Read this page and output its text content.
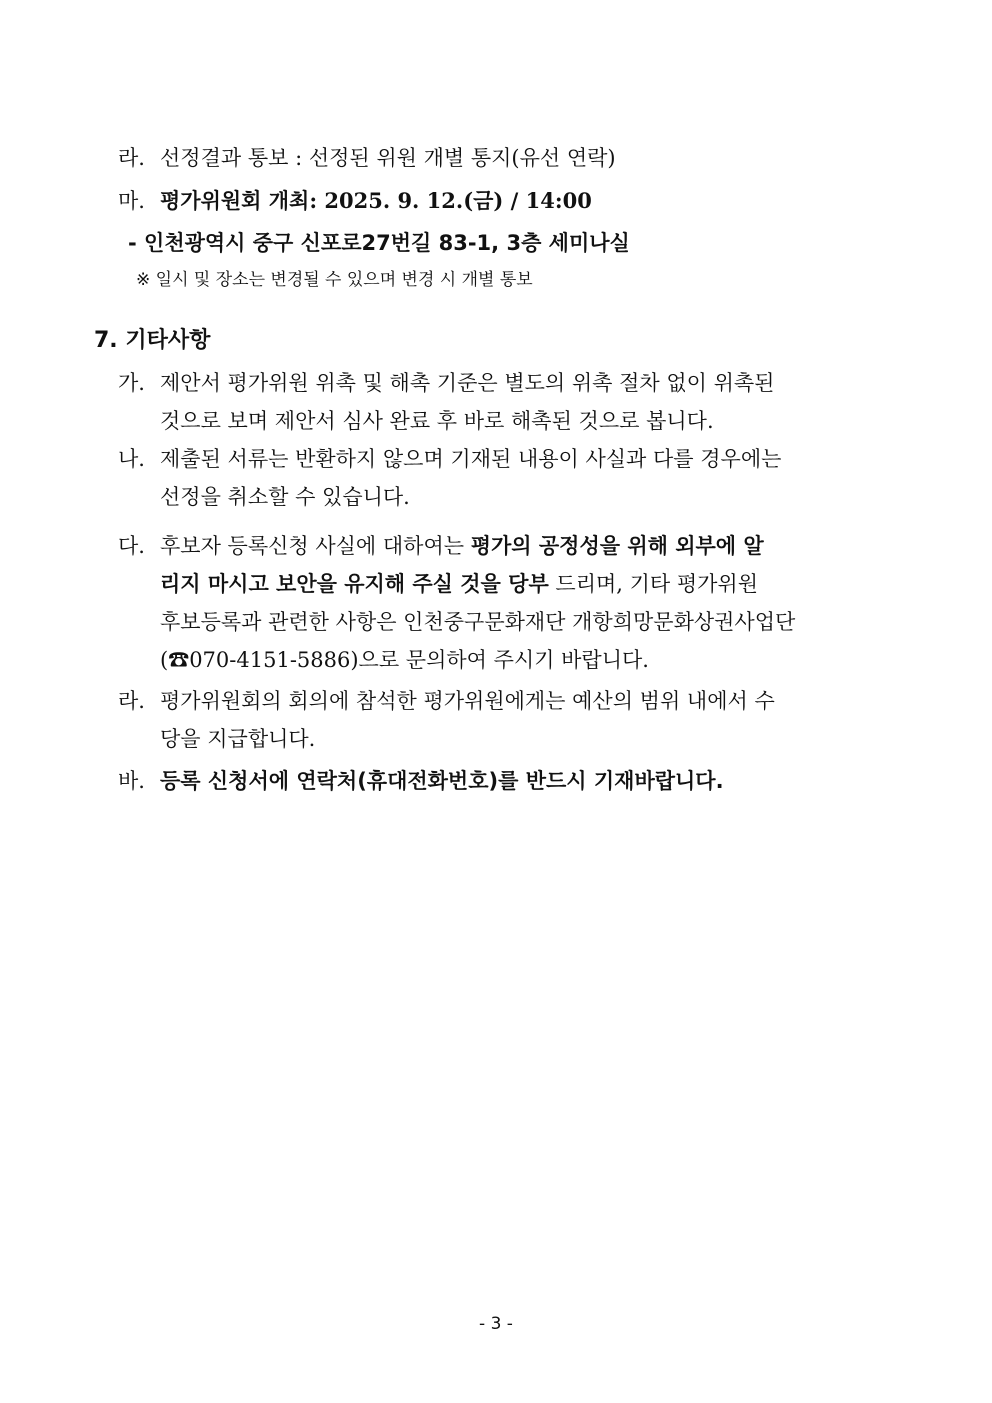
라. 선정결과 통보 : 선정된 위원 개별 통지(유선 연락)
마. 평가위원회 개최: 2025. 9. 12.(금) / 14:00
- 인천광역시 중구 신포로27번길 83-1, 3층 세미나실
※ 일시 및 장소는 변경될 수 있으며 변경 시 개별 통보
7. 기타사항
가. 제안서 평가위원 위촉 및 해촉 기준은 별도의 위촉 절차 없이 위촉된
것으로 보며 제안서 심사 완료 후 바로 해촉된 것으로 봅니다.
나. 제출된 서류는 반환하지 않으며 기재된 내용이 사실과 다를 경우에는
선정을 취소할 수 있습니다.
다. 후보자 등록신청 사실에 대하여는 평가의 공정성을 위해 외부에 알
리지 마시고 보안을 유지해 주실 것을 당부 드리며, 기타 평가위원
후보등록과 관련한 사항은 인천중구문화재단 개항희망문화상권사업단
(☎070-4151-5886)으로 문의하여 주시기 바랍니다.
라. 평가위원회의 회의에 참석한 평가위원에게는 예산의 범위 내에서 수
당을 지급합니다.
바. 등록 신청서에 연락처(휴대전화번호)를 반드시 기재바랍니다.
- 3 -
